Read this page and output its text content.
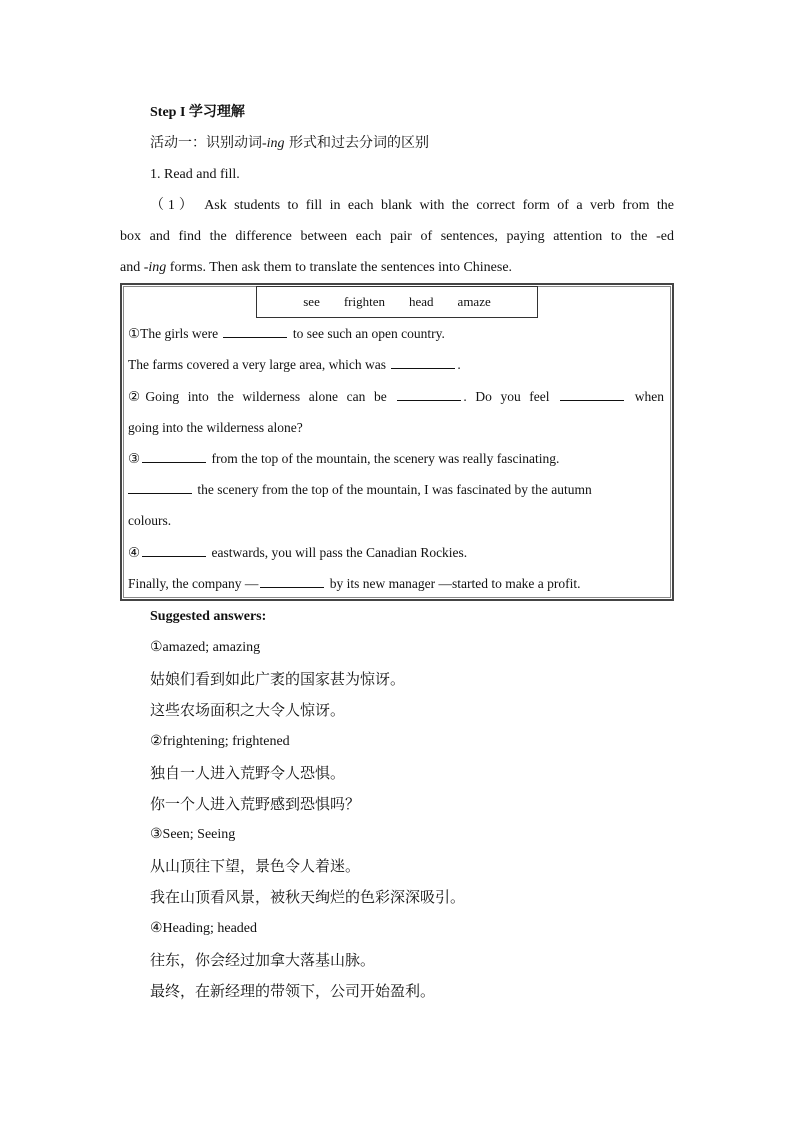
Step I 学习理解
活动一：识别动词-ing 形式和过去分词的区别
1. Read and fill.
（1） Ask students to fill in each blank with the correct form of a verb from the
box and find the difference between each pair of sentences, paying attention to the -ed
and -ing forms. Then ask them to translate the sentences into Chinese.
see frighten head amaze
①The girls were	to see such an open country.
The farms covered a very large area, which was	.
②Going into the wilderness alone can be	. Do you feel	when
going into the wilderness alone?
③	from the top of the mountain, the scenery was really fascinating.
the scenery from the top of the mountain, I was fascinated by the autumn
colours.
④	eastwards, you will pass the Canadian Rockies.
Finally, the company —	by its new manager —started to make a profit.
Suggested answers:
①amazed; amazing
姑娘们看到如此广袤的国家甚为惊讶。
这些农场面积之大令人惊讶。
②frightening; frightened
独自一人进入荒野令人恐惧。
你一个人进入荒野感到恐惧吗？
③Seen; Seeing
从山顶往下望，景色令人着迷。
我在山顶看风景，被秋天绚烂的色彩深深吸引。
④Heading; headed
往东，你会经过加拿大落基山脉。
最终，在新经理的带领下，公司开始盈利。
